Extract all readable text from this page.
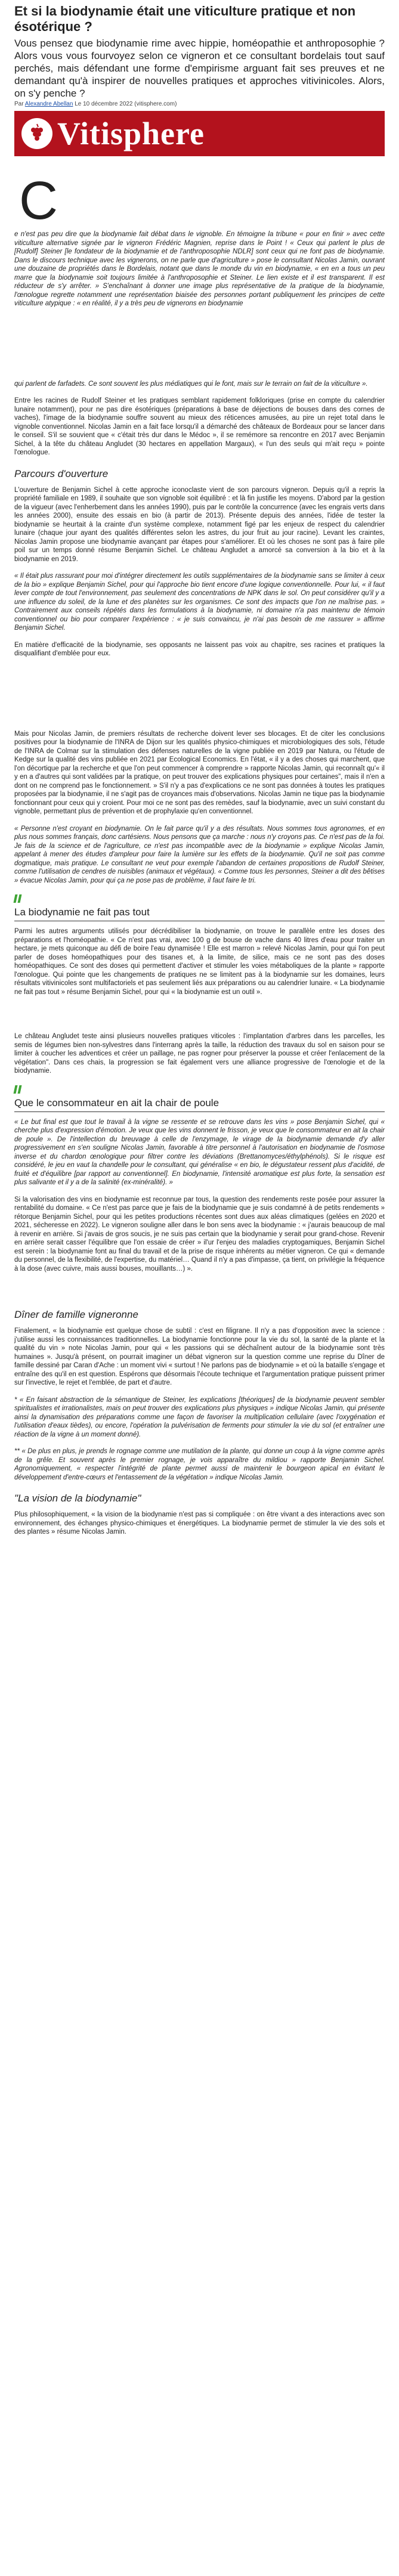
Et si la biodynamie était une viticulture pratique et non ésotérique ?

Vous pensez que biodynamie rime avec hippie, homéopathie et anthroposophie ? Alors vous vous fourvoyez selon ce vigneron et ce consultant bordelais tout sauf perchés, mais défendant une forme d'empirisme arguant fait ses preuves et ne demandant qu'à inspirer de nouvelles pratiques et approches vitivinicoles. Alors, on s'y penche ?

Par Alexandre Abellan Le 10 décembre 2022 (vitisphere.com)
Vitisphere
C

e n'est pas peu dire que la biodynamie fait débat dans le vignoble. En témoigne la tribune « pour en finir » avec cette viticulture alternative signée par le vigneron Frédéric Magnien, reprise dans le Point ! « Ceux qui parlent le plus de [Rudolf] Steiner [le fondateur de la biodynamie et de l'anthroposophie NDLR] sont ceux qui ne font pas de biodynamie. Dans le discours technique avec les vignerons, on ne parle que d'agriculture » pose le consultant Nicolas Jamin, ouvrant une douzaine de propriétés dans le Bordelais, notant que dans le monde du vin en biodynamie, « en en a tous un peu marre que la biodynamie soit toujours limitée à l'anthroposophie et Steiner. Le lien existe et il est transparent. Il est réducteur de s'y arrêter. » S'enchaînant à donner une image plus représentative de la pratique de la biodynamie, l'œnologue regrette notamment une représentation biaisée des personnes portant publiquement les principes de cette viticulture atypique : « en réalité, il y a très peu de vignerons en biodynamie

qui parlent de farfadets. Ce sont souvent les plus médiatiques qui le font, mais sur le terrain on fait de la viticulture ».

Entre les racines de Rudolf Steiner et les pratiques semblant rapidement folkloriques (prise en compte du calendrier lunaire notamment), pour ne pas dire ésotériques (préparations à base de déjections de bouses dans des cornes de vaches), l'image de la biodynamie souffre souvent au mieux des réticences amusées, au pire un rejet total dans le vignoble conventionnel. Nicolas Jamin en a fait face lorsqu'il a démarché des châteaux de Bordeaux pour se lancer dans le conseil. S'il se souvient que « c'était très dur dans le Médoc », il se remémore sa rencontre en 2017 avec Benjamin Sichel, à la tête du château Angludet (30 hectares en appellation Margaux), « l'un des seuls qui m'ait reçu » pointe l'œnologue.

Parcours d'ouverture

L'ouverture de Benjamin Sichel à cette approche iconoclaste vient de son parcours vigneron. Depuis qu'il a repris la propriété familiale en 1989, il souhaite que son vignoble soit équilibré : et là fin justifie les moyens. D'abord par la gestion de la vigueur (avec l'enherbement dans les années 1990), puis par le contrôle la concurrence (avec les engrais verts dans les années 2000), ensuite des essais en bio (à partir de 2013). Présente depuis des années, l'idée de tester la biodynamie se heurtait à la crainte d'un système complexe, notamment figé par les enjeux de respect du calendrier lunaire (chaque jour ayant des qualités différentes selon les astres, du jour fruit au jour racine). Levant les craintes, Nicolas Jamin propose une biodynamie avançant par étapes pour s'améliorer. Et où les choses ne sont pas à faire pile poil sur un temps donné résume Benjamin Sichel. Le château Angludet a amorcé sa conversion à la bio et à la biodynamie en 2019.

« Il était plus rassurant pour moi d'intégrer directement les outils supplémentaires de la biodynamie sans se limiter à ceux de la bio » explique Benjamin Sichel, pour qui l'approche bio tient encore d'une logique conventionnelle. Pour lui, « il faut lever compte de tout l'environnement, pas seulement des concentrations de NPK dans le sol. On peut considérer qu'il y a une influence du soleil, de la lune et des planètes sur les organismes. Ce sont des impacts que l'on ne maîtrise pas. » Contrairement aux conseils répétés dans les formulations à la biodynamie, ni domaine n'a pas maintenu de témoin conventionnel ou bio pour comparer l'expérience : « je suis convaincu, je n'ai pas besoin de me rassurer » affirme Benjamin Sichel.

En matière d'efficacité de la biodynamie, ses opposants ne laissent pas voix au chapitre, ses racines et pratiques la disqualifiant d'emblée pour eux.

Mais pour Nicolas Jamin, de premiers résultats de recherche doivent lever ses blocages. Et de citer les conclusions positives pour la biodynamie de l'INRA de Dijon sur les qualités physico-chimiques et microbiologiques des sols, l'étude de l'INRA de Colmar sur la stimulation des défenses naturelles de la vigne publiée en 2019 par Natura, ou l'étude de Kedge sur la qualité des vins publiée en 2021 par Ecological Economics. En l'état, « il y a des choses qui marchent, que l'on décortique par la recherche et que l'on peut commencer à comprendre » rapporte Nicolas Jamin, qui reconnaît qu'« il y en a d'autres qui sont validées par la pratique, on peut trouver des explications physiques pour certaines”, mais il n'en a dont on ne comprend pas le fonctionnement. » S'il n'y a pas d'explications ce ne sont pas données à toutes les pratiques proposées par la biodynamie, il ne s'agit pas de croyances mais d'observations. Nicolas Jamin ne tique pas la biodynamie fonctionnant pour ceux qui y croient. Pour moi ce ne sont pas des remèdes, sauf la biodynamie, avec un suivi constant du vignoble, permettant plus de prévention et de prophylaxie qu'en conventionnel.

« Personne n'est croyant en biodynamie. On le fait parce qu'il y a des résultats. Nous sommes tous agronomes, et en plus nous sommes français, donc cartésiens. Nous pensons que ça marche : nous n'y croyons pas. Ce n'est pas de la foi. Je fais de la science et de l'agriculture, ce n'est pas incompatible avec de la biodynamie » explique Nicolas Jamin, appelant à mener des études d'ampleur pour faire la lumière sur les effets de la biodynamie. Qu'il ne soit pas comme dogmatique, mais pratique. Le consultant ne veut pour exemple l'abandon de certaines propositions de Rudolf Steiner, comme l'utilisation de cendres de nuisibles (animaux et végétaux). « Comme tous les personnes, Steiner a dit des bêtises » évacue Nicolas Jamin, pour qui ça ne pose pas de problème, il faut faire le tri.

La biodynamie ne fait pas tout

Parmi les autres arguments utilisés pour décrédibiliser la biodynamie, on trouve le parallèle entre les doses des préparations et l'homéopathie. « Ce n'est pas vrai, avec 100 g de bouse de vache dans 40 litres d'eau pour traiter un hectare, je mets quiconque au défi de boire l'eau dynamisée ! Elle est marron » relevé Nicolas Jamin, pour qui l'on peut parler de doses homéopathiques pour des tisanes et, à la limite, de silice, mais ce ne sont pas des doses homéopathiques. Ce sont des doses qui permettent d'activer et stimuler les voies métaboliques de la plante » rapporte l'œnologue. Qui pointe que les changements de pratiques ne se limitent pas à la biodynamie sur les domaines, leurs résultats vitivinicoles sont multifactoriels et pas seulement liés aux préparations ou au calendrier lunaire. « La biodynamie ne fait pas tout » résume Benjamin Sichel, pour qui « la biodynamie est un outil ».

Le château Angludet teste ainsi plusieurs nouvelles pratiques viticoles : l'implantation d'arbres dans les parcelles, les semis de légumes bien non-sylvestres dans l'interrang après la taille, la réduction des travaux du sol en saison pour se limiter à coucher les adventices et créer un paillage, ne pas rogner pour préserver la pousse et créer l'enlacement de la végétation". Dans ces chais, la progression se fait également vers une alliance progressive de l'œnologie et de la biodynamie.

Que le consommateur en ait la chair de poule

« Le but final est que tout le travail à la vigne se ressente et se retrouve dans les vins » pose Benjamin Sichel, qui « cherche plus d'expression d'émotion. Je veux que les vins donnent le frisson, je veux que le consommateur en ait la chair de poule ». De l'intellection du breuvage à celle de l'enzymage, le virage de la biodynamie demande d'y aller progressivement en s'en souligne Nicolas Jamin, favorable à titre personnel à l'autorisation en biodynamie de l'osmose inverse et du chardon œnologique pour filtrer contre les déviations (Brettanomyces/éthylphénols). Si le risque est considéré, le jeu en vaut la chandelle pour le consultant, qui généralise « en bio, le dégustateur ressent plus d'acidité, de fruité et d'équilibre [par rapport au conventionnel]. En biodynamie, l'intensité aromatique est plus forte, la sensation est plus salivante et il y a de la salinité (ex-minéralité). »

Si la valorisation des vins en biodynamie est reconnue par tous, la question des rendements reste posée pour assurer la rentabilité du domaine. « Ce n'est pas parce que je fais de la biodynamie que je suis condamné à de petits rendements » rétorque Benjamin Sichel, pour qui les petites productions récentes sont dues aux aléas climatiques (gelées en 2020 et 2021, sécheresse en 2022). Le vigneron souligne aller dans le bon sens avec la biodynamie : « j'aurais beaucoup de mal à revenir en arrière. Si j'avais de gros soucis, je ne suis pas certain que la biodynamie y serait pour grand-chose. Revenir en arrière serait casser l'équilibre que l'on essaie de créer » il'ur l'enjeu des maladies cryptogamiques, Benjamin Sichel est serein : la biodynamie font au final du travail et de la prise de risque inhérents au métier vigneron. Ce qui « demande du personnel, de la flexibilité, de l'expertise, du matériel… Quand il n'y a pas d'impasse, ça tient, on privilégie la fréquence à la dose (avec cuivre, mais aussi bouses, mouillants…) ».

Dîner de famille vigneronne

Finalement, « la biodynamie est quelque chose de subtil : c'est en filigrane. Il n'y a pas d'opposition avec la science : j'utilise aussi les connaissances traditionnelles. La biodynamie fonctionne pour la vie du sol, la santé de la plante et la qualité du vin » note Nicolas Jamin, pour qui « les passions qui se déchaînent autour de la biodynamie sont très humaines ». Jusqu'à présent, on pourrait imaginer un débat vigneron sur la question comme une reprise du Dîner de famille dessiné par Caran d'Ache : un moment vivi « surtout ! Ne parlons pas de biodynamie » et où la bataille s'engage et entraîne des qu'il en est question. Espérons que désormais l'écoute technique et l'argumentation pratique puissent primer sur l'invective, le rejet et l'emblée, de part et d'autre.

* « En faisant abstraction de la sémantique de Steiner, les explications [théoriques] de la biodynamie peuvent sembler spiritualistes et irrationalistes, mais on peut trouver des explications plus physiques » indique Nicolas Jamin, qui présente ainsi la dynamisation des préparations comme une façon de favoriser la multiplication cellulaire (avec l'oxygénation et l'utilisation d'eaux tièdes), ou encore, l'opération la pulvérisation de ferments pour stimuler la vie du sol (et entraîner une réaction de la vigne à un moment donné).

** « De plus en plus, je prends le rognage comme une mutilation de la plante, qui donne un coup à la vigne comme après de la grêle. Et souvent après le premier rognage, je vois apparaître du mildiou » rapporte Benjamin Sichel. Agronomiquement, « respecter l'intégrité de plante permet aussi de maintenir le bourgeon apical en évitant le développement d'entre-cœurs et l'entassement de la végétation » indique Nicolas Jamin.

"La vision de la biodynamie"

Plus philosophiquement, « la vision de la biodynamie n'est pas si compliquée : on être vivant a des interactions avec son environnement, des échanges physico-chimiques et énergétiques. La biodynamie permet de stimuler la vie des sols et des plantes » résume Nicolas Jamin.
